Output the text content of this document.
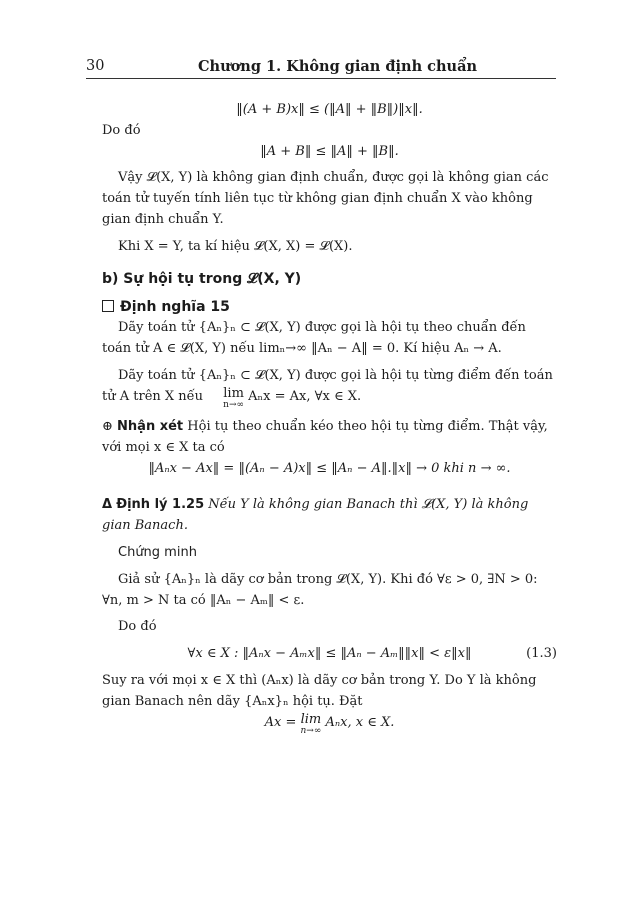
30	Chương 1. Không gian định chuẩn
‖(A + B)x‖ ≤ (‖A‖ + ‖B‖)‖x‖.

Do đó

‖A + B‖ ≤ ‖A‖ + ‖B‖.

Vậy 𝓛(X, Y) là không gian định chuẩn, được gọi là không gian các toán tử tuyến tính liên tục từ không gian định chuẩn X vào không gian định chuẩn Y.

Khi X = Y, ta kí hiệu 𝓛(X, X) = 𝓛(X).

b) Sự hội tụ trong 𝓛(X, Y)

Định nghĩa 15

Dãy toán tử {Aₙ}ₙ ⊂ 𝓛(X, Y) được gọi là hội tụ theo chuẩn đến toán tử A ∈ 𝓛(X, Y) nếu limₙ→∞ ‖Aₙ − A‖ = 0. Kí hiệu Aₙ → A.

Dãy toán tử {Aₙ}ₙ ⊂ 𝓛(X, Y) được gọi là hội tụ từng điểm đến toán tử A trên X nếu lim
n→∞
Aₙx = Ax, ∀x ∈ X.

⊕ Nhận xét Hội tụ theo chuẩn kéo theo hội tụ từng điểm. Thật vậy, với mọi x ∈ X ta có

‖Aₙx − Ax‖ = ‖(Aₙ − A)x‖ ≤ ‖Aₙ − A‖.‖x‖ → 0 khi n → ∞.

Δ Định lý 1.25 Nếu Y là không gian Banach thì 𝓛(X, Y) là không gian Banach.

Chứng minh

Giả sử {Aₙ}ₙ là dãy cơ bản trong 𝓛(X, Y). Khi đó ∀ε > 0, ∃N > 0: ∀n, m > N ta có ‖Aₙ − Aₘ‖ < ε.

Do đó

∀x ∈ X : ‖Aₙx − Aₘx‖ ≤ ‖Aₙ − Aₘ‖‖x‖ < ε‖x‖	(1.3)

Suy ra với mọi x ∈ X thì (Aₙx) là dãy cơ bản trong Y. Do Y là không gian Banach nên dãy {Aₙx}ₙ hội tụ. Đặt

Ax = lim
n→∞
Aₙx, x ∈ X.
